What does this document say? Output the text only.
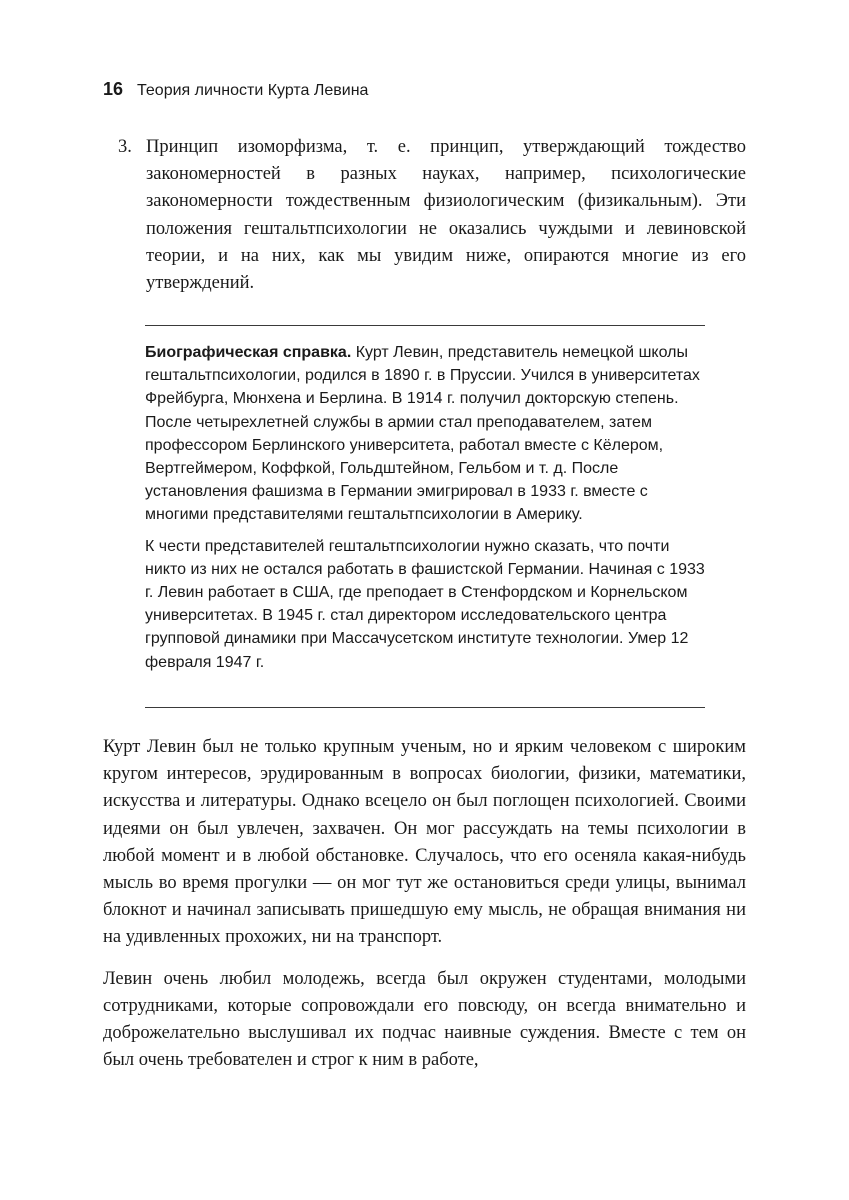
16 Теория личности Курта Левина
3. Принцип изоморфизма, т. е. принцип, утверждающий тождество закономерностей в разных науках, например, психологические закономерности тождественным физиологическим (физикальным). Эти положения гештальтпсихологии не оказались чуждыми и левиновской теории, и на них, как мы увидим ниже, опираются многие из его утверждений.

Биографическая справка. Курт Левин, представитель немецкой школы гештальтпсихологии, родился в 1890 г. в Пруссии. Учился в университетах Фрейбурга, Мюнхена и Берлина. В 1914 г. получил докторскую степень. После четырехлетней службы в армии стал преподавателем, затем профессором Берлинского университета, работал вместе с Кёлером, Вертгеймером, Коффкой, Гольдштейном, Гельбом и т. д. После установления фашизма в Германии эмигрировал в 1933 г. вместе с многими представителями гештальтпсихологии в Америку.

К чести представителей гештальтпсихологии нужно сказать, что почти никто из них не остался работать в фашистской Германии. Начиная с 1933 г. Левин работает в США, где преподает в Стенфордском и Корнельском университетах. В 1945 г. стал директором исследовательского центра групповой динамики при Массачусетском институте технологии. Умер 12 февраля 1947 г.

Курт Левин был не только крупным ученым, но и ярким человеком с широким кругом интересов, эрудированным в вопросах биологии, физики, математики, искусства и литературы. Однако всецело он был поглощен психологией. Своими идеями он был увлечен, захвачен. Он мог рассуждать на темы психологии в любой момент и в любой обстановке. Случалось, что его осеняла какая-нибудь мысль во время прогулки — он мог тут же остановиться среди улицы, вынимал блокнот и начинал записывать пришедшую ему мысль, не обращая внимания ни на удивленных прохожих, ни на транспорт.

Левин очень любил молодежь, всегда был окружен студентами, молодыми сотрудниками, которые сопровождали его повсюду, он всегда внимательно и доброжелательно выслушивал их подчас наивные суждения. Вместе с тем он был очень требователен и строг к ним в работе,
